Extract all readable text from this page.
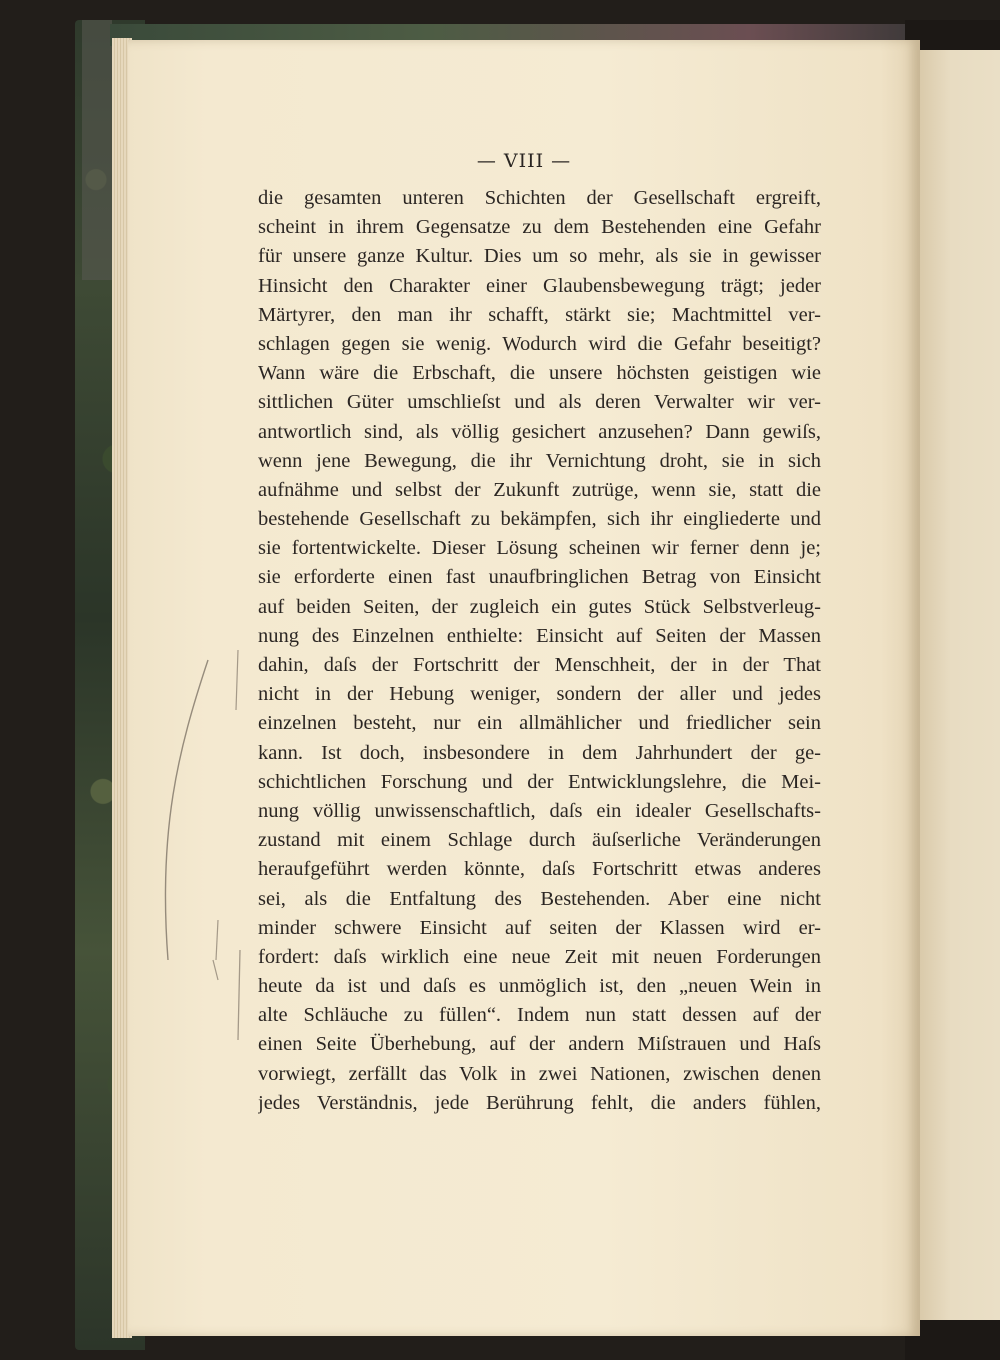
— VIII —
die gesamten unteren Schichten der Gesellschaft ergreift,
scheint in ihrem Gegensatze zu dem Bestehenden eine Gefahr
für unsere ganze Kultur. Dies um so mehr, als sie in gewisser
Hinsicht den Charakter einer Glaubensbewegung trägt; jeder
Märtyrer, den man ihr schafft, stärkt sie; Machtmittel ver-
schlagen gegen sie wenig. Wodurch wird die Gefahr beseitigt?
Wann wäre die Erbschaft, die unsere höchsten geistigen wie
sittlichen Güter umschlieſst und als deren Verwalter wir ver-
antwortlich sind, als völlig gesichert anzusehen? Dann gewiſs,
wenn jene Bewegung, die ihr Vernichtung droht, sie in sich
aufnähme und selbst der Zukunft zutrüge, wenn sie, statt die
bestehende Gesellschaft zu bekämpfen, sich ihr eingliederte und
sie fortentwickelte. Dieser Lösung scheinen wir ferner denn je;
sie erforderte einen fast unaufbringlichen Betrag von Einsicht
auf beiden Seiten, der zugleich ein gutes Stück Selbstverleug-
nung des Einzelnen enthielte: Einsicht auf Seiten der Massen
dahin, daſs der Fortschritt der Menschheit, der in der That
nicht in der Hebung weniger, sondern der aller und jedes
einzelnen besteht, nur ein allmählicher und friedlicher sein
kann. Ist doch, insbesondere in dem Jahrhundert der ge-
schichtlichen Forschung und der Entwicklungslehre, die Mei-
nung völlig unwissenschaftlich, daſs ein idealer Gesellschafts-
zustand mit einem Schlage durch äuſserliche Veränderungen
heraufgeführt werden könnte, daſs Fortschritt etwas anderes
sei, als die Entfaltung des Bestehenden. Aber eine nicht
minder schwere Einsicht auf seiten der Klassen wird er-
fordert: daſs wirklich eine neue Zeit mit neuen Forderungen
heute da ist und daſs es unmöglich ist, den „neuen Wein in
alte Schläuche zu füllen“. Indem nun statt dessen auf der
einen Seite Überhebung, auf der andern Miſstrauen und Haſs
vorwiegt, zerfällt das Volk in zwei Nationen, zwischen denen
jedes Verständnis, jede Berührung fehlt, die anders fühlen,
